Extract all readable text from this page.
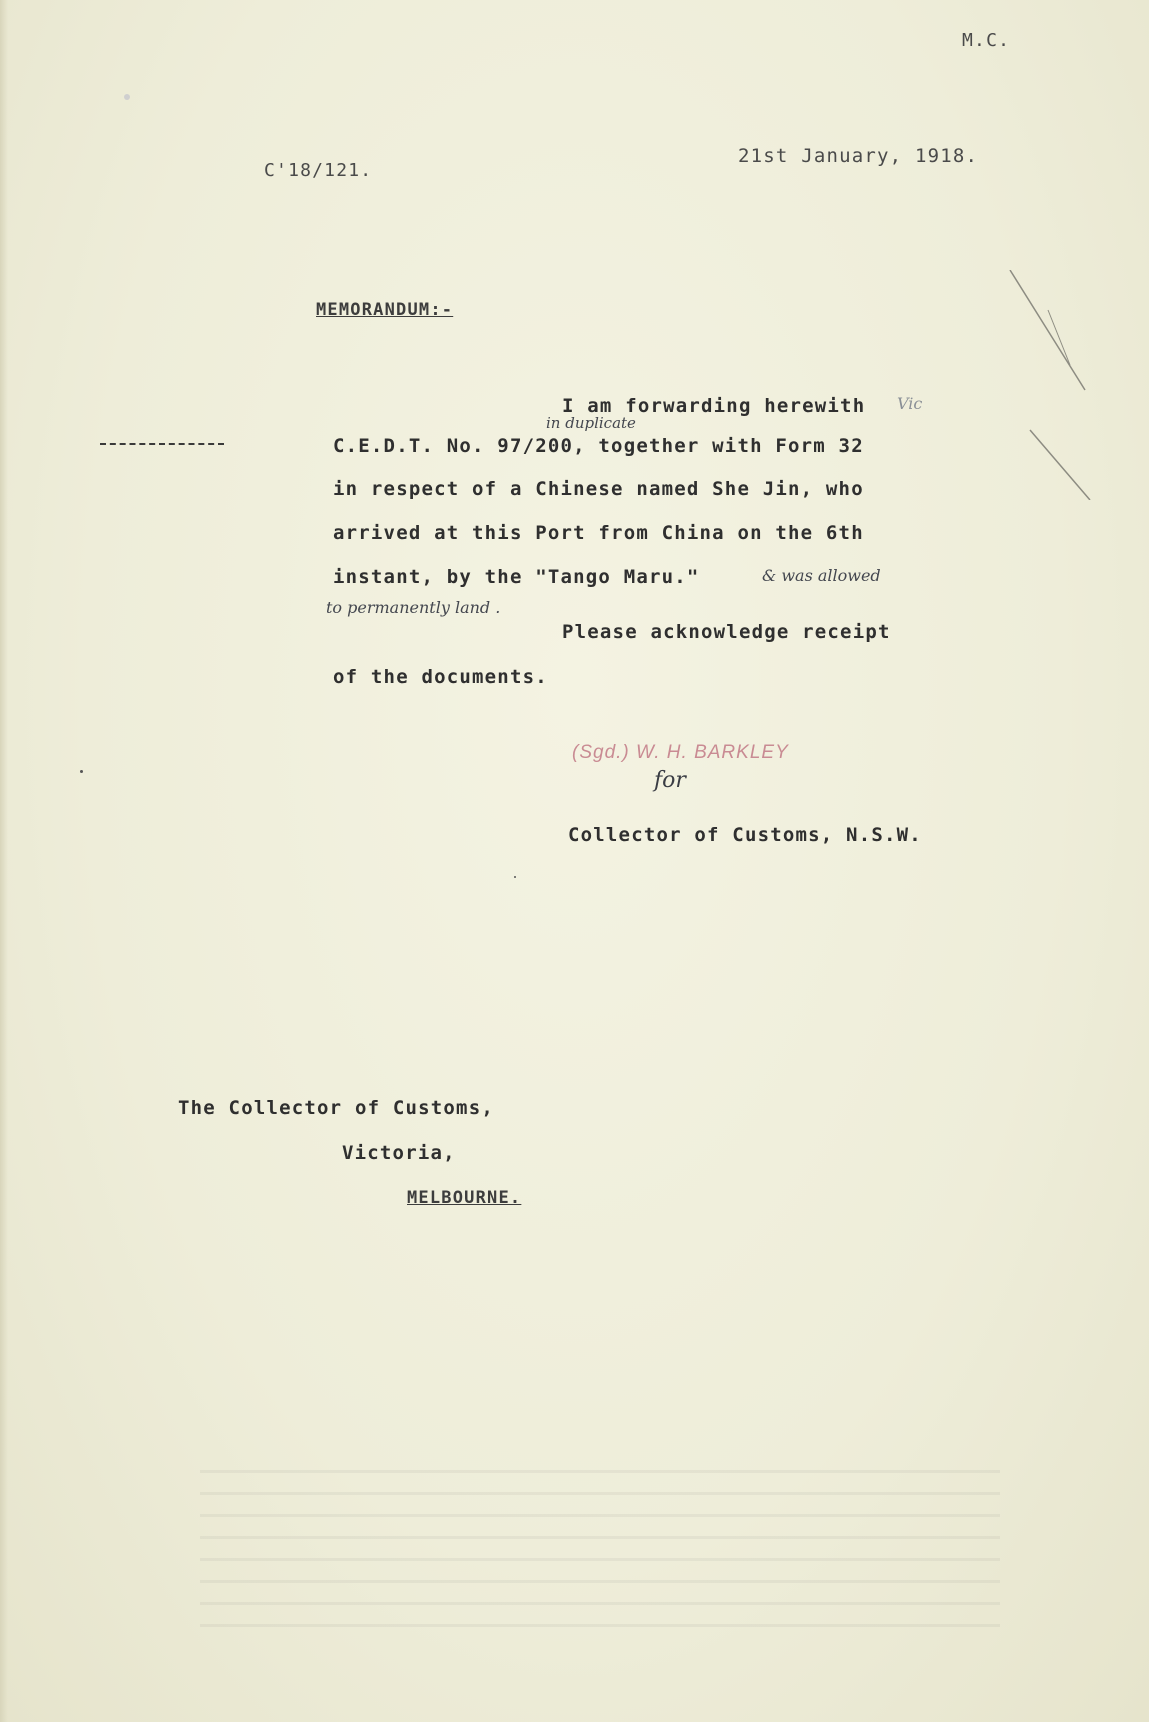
M.C.
C'18/121.
21st January, 1918.
MEMORANDUM:-
I am forwarding herewith Vic
in duplicate
C.E.D.T. No. 97/200, together with Form 32
in respect of a Chinese named She Jin, who
arrived at this Port from China on the 6th
instant, by the "Tango Maru."	& was allowed
to permanently land .
Please acknowledge receipt
of the documents.
(Sgd.) W. H. BARKLEY
for
Collector of Customs, N.S.W.
The Collector of Customs,
Victoria,
MELBOURNE.
